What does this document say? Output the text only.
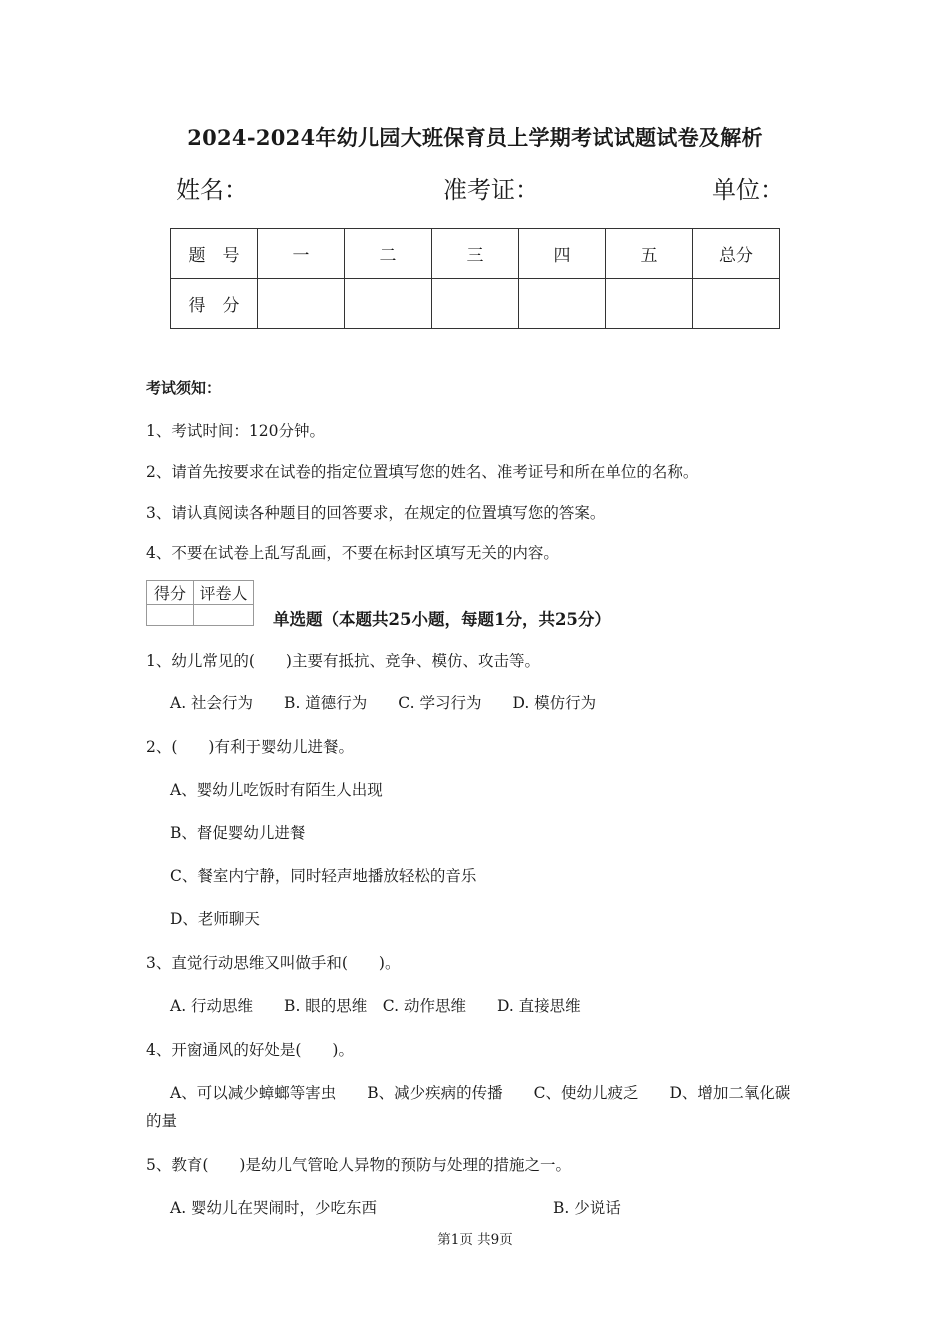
2024-2024年幼儿园大班保育员上学期考试试题试卷及解析
姓名：	准考证：	单位：
题　号	一	二	三	四	五	总分
得　分						
考试须知：
1、考试时间：120分钟。
2、请首先按要求在试卷的指定位置填写您的姓名、准考证号和所在单位的名称。
3、请认真阅读各种题目的回答要求，在规定的位置填写您的答案。
4、不要在试卷上乱写乱画，不要在标封区填写无关的内容。
得分	评卷人

单选题（本题共25小题，每题1分，共25分）
1、幼儿常见的(　　)主要有抵抗、竞争、模仿、攻击等。
A. 社会行为　　B. 道德行为　　C. 学习行为　　D. 模仿行为
2、(　　)有利于婴幼儿进餐。
A、婴幼儿吃饭时有陌生人出现
B、督促婴幼儿进餐
C、餐室内宁静，同时轻声地播放轻松的音乐
D、老师聊天
3、直觉行动思维又叫做手和(　　)。
A. 行动思维　　B. 眼的思维　C. 动作思维　　D. 直接思维
4、开窗通风的好处是(　　)。
A、可以减少蟑螂等害虫　　B、减少疾病的传播　　C、使幼儿疲乏　　D、增加二氧化碳
的量
5、教育(　　)是幼儿气管呛人异物的预防与处理的措施之一。
A. 婴幼儿在哭闹时，少吃东西	B. 少说话
第1页 共9页
